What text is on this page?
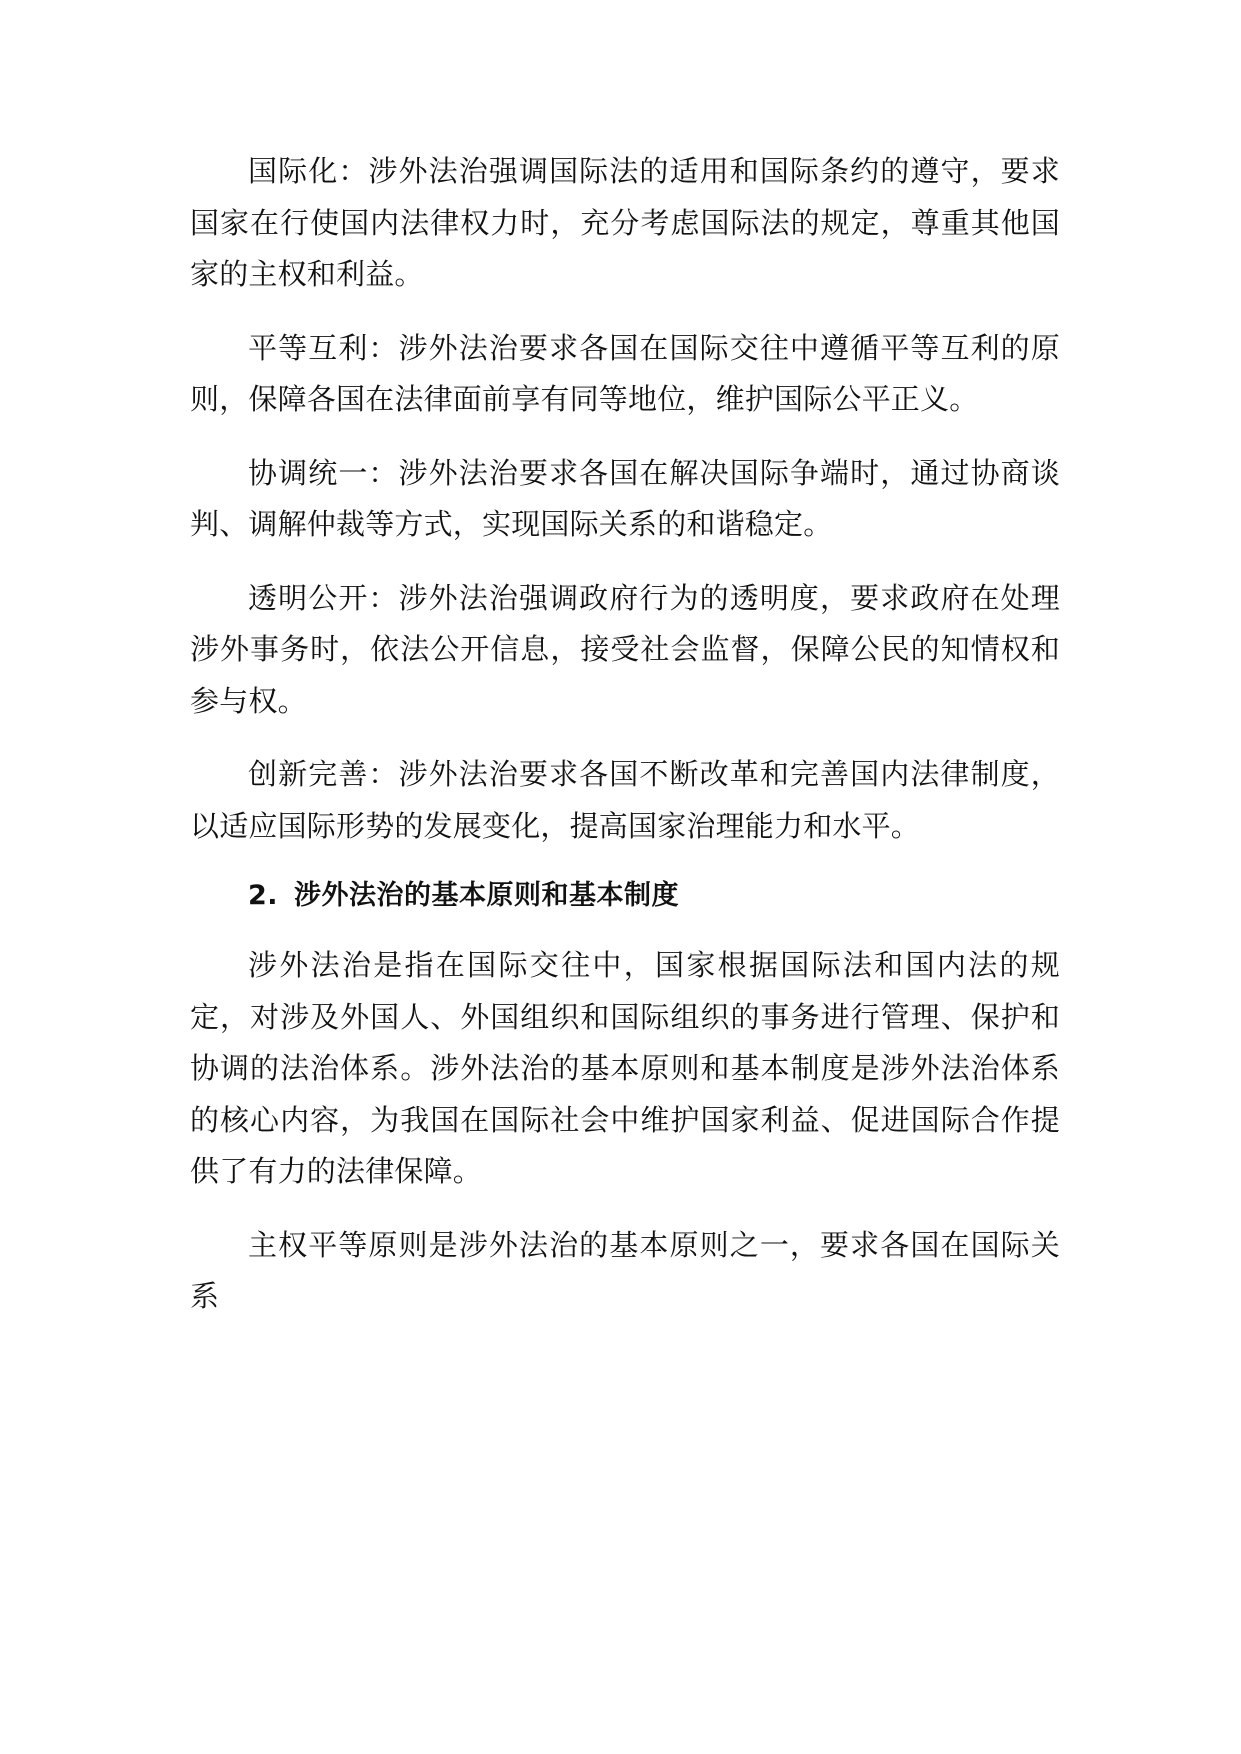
国际化：涉外法治强调国际法的适用和国际条约的遵守，要求国家在行使国内法律权力时，充分考虑国际法的规定，尊重其他国家的主权和利益。

平等互利：涉外法治要求各国在国际交往中遵循平等互利的原则，保障各国在法律面前享有同等地位，维护国际公平正义。

协调统一：涉外法治要求各国在解决国际争端时，通过协商谈判、调解仲裁等方式，实现国际关系的和谐稳定。

透明公开：涉外法治强调政府行为的透明度，要求政府在处理涉外事务时，依法公开信息，接受社会监督，保障公民的知情权和参与权。

创新完善：涉外法治要求各国不断改革和完善国内法律制度，以适应国际形势的发展变化，提高国家治理能力和水平。

2. 涉外法治的基本原则和基本制度

涉外法治是指在国际交往中，国家根据国际法和国内法的规定，对涉及外国人、外国组织和国际组织的事务进行管理、保护和协调的法治体系。涉外法治的基本原则和基本制度是涉外法治体系的核心内容，为我国在国际社会中维护国家利益、促进国际合作提供了有力的法律保障。

主权平等原则是涉外法治的基本原则之一，要求各国在国际关系
